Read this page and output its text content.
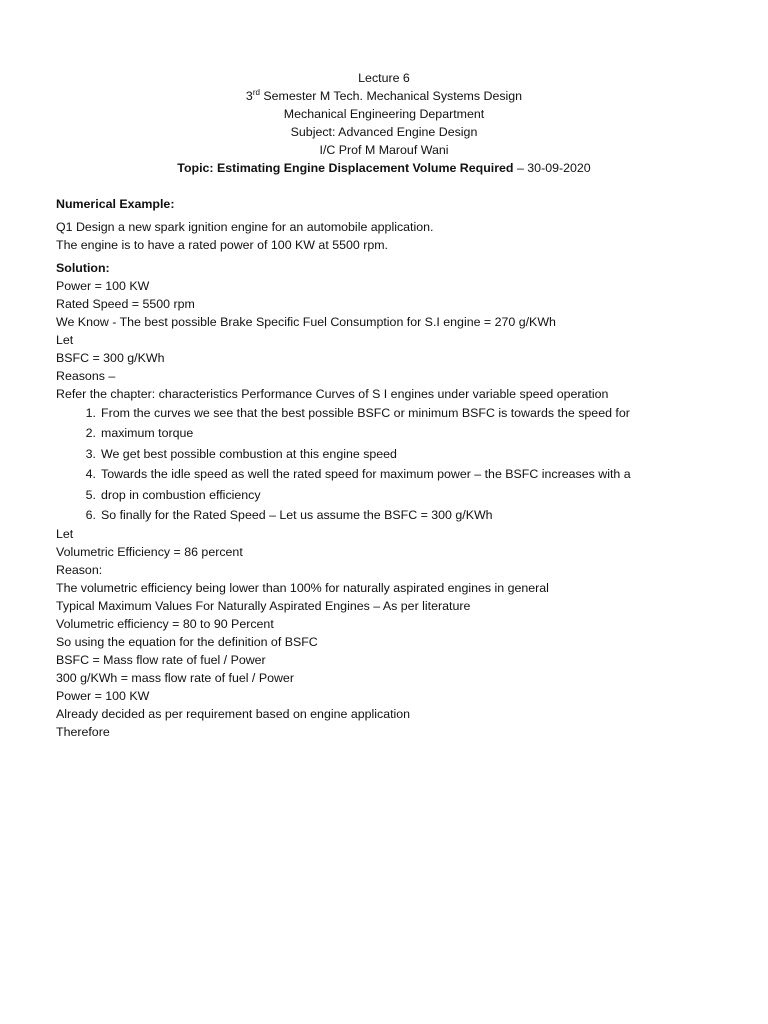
Lecture 6
3rd Semester M Tech. Mechanical Systems Design
Mechanical Engineering Department
Subject: Advanced Engine Design
I/C Prof M Marouf Wani
Topic: Estimating Engine Displacement Volume Required – 30-09-2020
Numerical Example:
Q1 Design a new spark ignition engine for an automobile application.
The engine is to have a rated power of 100 KW at 5500 rpm.
Solution:
Power = 100 KW
Rated Speed = 5500 rpm
We Know - The best possible Brake Specific Fuel Consumption for S.I engine = 270 g/KWh
Let
BSFC = 300 g/KWh
Reasons –
Refer the chapter: characteristics Performance Curves of S I engines under variable speed operation
1. From the curves we see that the best possible BSFC or minimum BSFC is towards the speed for
2. maximum torque
3. We get best possible combustion at this engine speed
4. Towards the idle speed as well the rated speed for maximum power – the BSFC increases with a
5. drop in combustion efficiency
6. So finally for the Rated Speed – Let us assume the BSFC = 300 g/KWh
Let
Volumetric Efficiency = 86 percent
Reason:
The volumetric efficiency being lower than 100% for naturally aspirated engines in general
Typical Maximum Values For Naturally Aspirated Engines – As per literature
Volumetric efficiency = 80 to 90 Percent
So using the equation for the definition of BSFC
BSFC = Mass flow rate of fuel / Power
300 g/KWh = mass flow rate of fuel / Power
Power = 100 KW
Already decided as per requirement based on engine application
Therefore
